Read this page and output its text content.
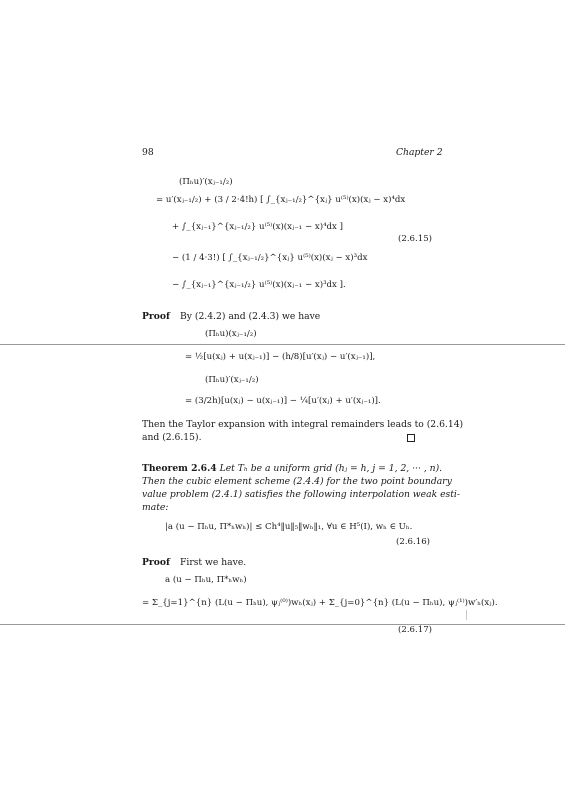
98	Chapter 2
(Πₕu)′(xⱼ₋₁/₂)
= u′(xⱼ₋₁/₂) + (3 / 2·4!h) [ ∫_{xⱼ₋₁/₂}^{xⱼ} u⁽⁵⁾(x)(xⱼ − x)⁴dx
+ ∫_{xⱼ₋₁}^{xⱼ₋₁/₂} u⁽⁵⁾(x)(xⱼ₋₁ − x)⁴dx ]
(2.6.15)
− (1 / 4·3!) [ ∫_{xⱼ₋₁/₂}^{xⱼ} u⁽⁵⁾(x)(xⱼ − x)³dx
− ∫_{xⱼ₋₁}^{xⱼ₋₁/₂} u⁽⁵⁾(x)(xⱼ₋₁ − x)³dx ].
Proof By (2.4.2) and (2.4.3) we have
(Πₕu)(xⱼ₋₁/₂)
= ½[u(xⱼ) + u(xⱼ₋₁)] − (h/8)[u′(xⱼ) − u′(xⱼ₋₁)],
(Πₕu)′(xⱼ₋₁/₂)
= (3/2h)[u(xⱼ) − u(xⱼ₋₁)] − ¼[u′(xⱼ) + u′(xⱼ₋₁)].
Then the Taylor expansion with integral remainders leads to (2.6.14)
and (2.6.15).
Theorem 2.6.4 Let Tₕ be a uniform grid (hⱼ = h, j = 1, 2, ··· , n).
Then the cubic element scheme (2.4.4) for the two point boundary
value problem (2.4.1) satisfies the following interpolation weak esti-
mate:
|a (u − Πₕu, Π*ₕwₕ)| ≤ Ch⁴‖u‖₅‖wₕ‖₁, ∀u ∈ H⁵(I), wₕ ∈ Uₕ.
(2.6.16)
Proof First we have.
a (u − Πₕu, Π*ₕwₕ)
= Σ_{j=1}^{n} (L(u − Πₕu), ψⱼ⁽⁰⁾)wₕ(xⱼ) + Σ_{j=0}^{n} (L(u − Πₕu), ψⱼ⁽¹⁾)w′ₕ(xⱼ).
(2.6.17)
